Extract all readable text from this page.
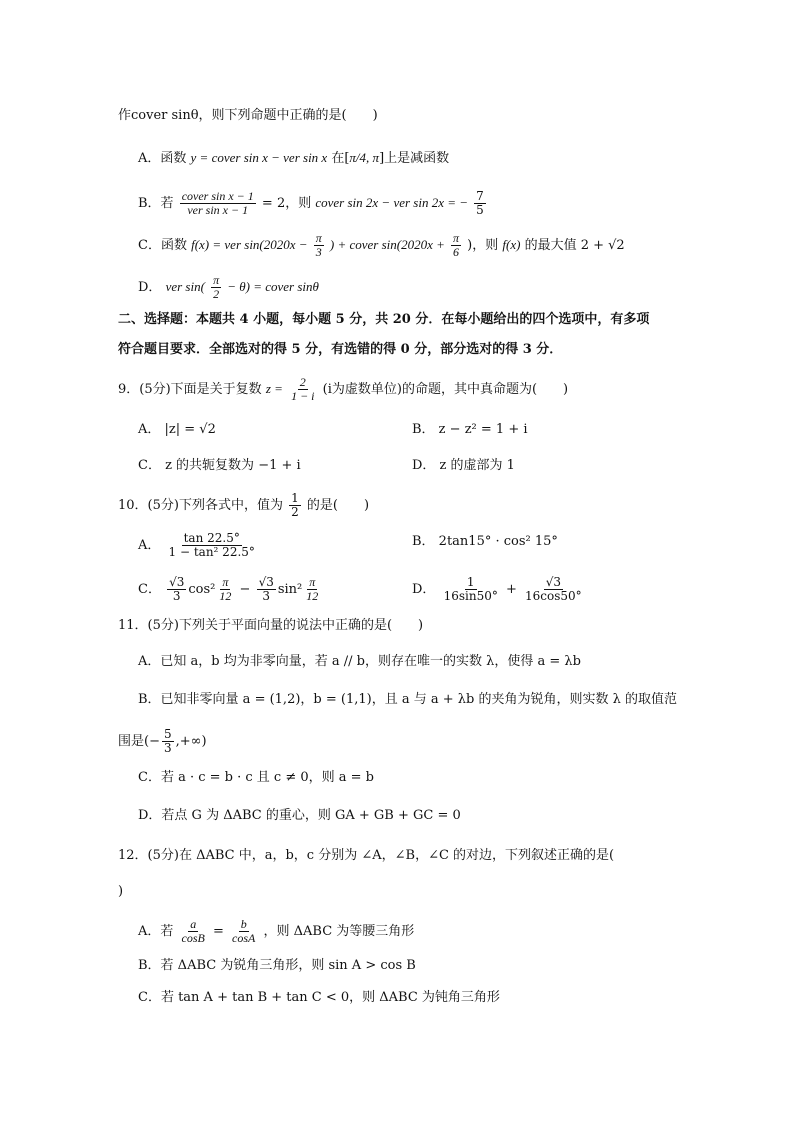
作cover sinθ，则下列命题中正确的是(　　)
A．函数 y = cover sin x − ver sin x 在[π/4, π]上是减函数
B．若 $\frac{\text{cover sin x − 1}}{\text{ver sin x − 1}} = 2$，则 cover sin 2x − ver sin 2x = − $\frac{7}{5}$
C．函数 f(x) = ver $\sin(2020x - \frac{\pi}{3}$ ) + cover $\sin(2020x + \frac{\pi}{6}$ )，则 f(x) 的最大值 2 + √2
D． ver $\sin( \frac{\pi}{2} - \theta)$ = cover sinθ
二、选择题：本题共 4 小题，每小题 5 分，共 20 分．在每小题给出的四个选项中，有多项
符合题目要求．全部选对的得 5 分，有选错的得 0 分，部分选对的得 3 分．
9．(5分)下面是关于复数 $z = \frac{2}{1 - i} (i$为虚数单位)的命题，其中真命题为(　　)
A． |z| = √2	B． z − z² = 1 + i
C． z 的共轭复数为 −1 + i	D． z 的虚部为 1
10．(5分)下列各式中，值为 $\frac{1}{2}$ 的是(　　)
A． $\frac{\tan 22.5^\circ}{\text{1 − tan² 22.5°}}$	B． 2tan15° · cos² 15°
C． $\frac{√3}{3} \cos^2 \frac{\pi}{12} - \frac{√3}{3} \sin^2 \frac{\pi}{12}$	D． $\frac{1}{16\sin 50^\circ} + \frac{√3}{16\cos 50^\circ}$
11．(5分)下列关于平面向量的说法中正确的是(　　)
A．已知 a，b 均为非零向量，若 a // b，则存在唯一的实数 λ，使得 a = λb
B．已知非零向量 a = (1,2)，b = (1,1)，且 a 与 a + λb 的夹角为锐角，则实数 λ 的取值范
围是(− $\frac{5}{3}$ ,+∞)
C．若 a · c = b · c 且 c ≠ 0，则 a = b
D．若点 G 为 ΔABC 的重心，则 GA + GB + GC = 0
12．(5分)在 ΔABC 中，a，b，c 分别为 ∠A，∠B，∠C 的对边，下列叙述正确的是(
)
A．若 $\frac{a}{\cos B} = \frac{b}{\cos A}$ ，则 ΔABC 为等腰三角形
B．若 ΔABC 为锐角三角形，则 sin A > cos B
C．若 tan A + tan B + tan C < 0，则 ΔABC 为钝角三角形
